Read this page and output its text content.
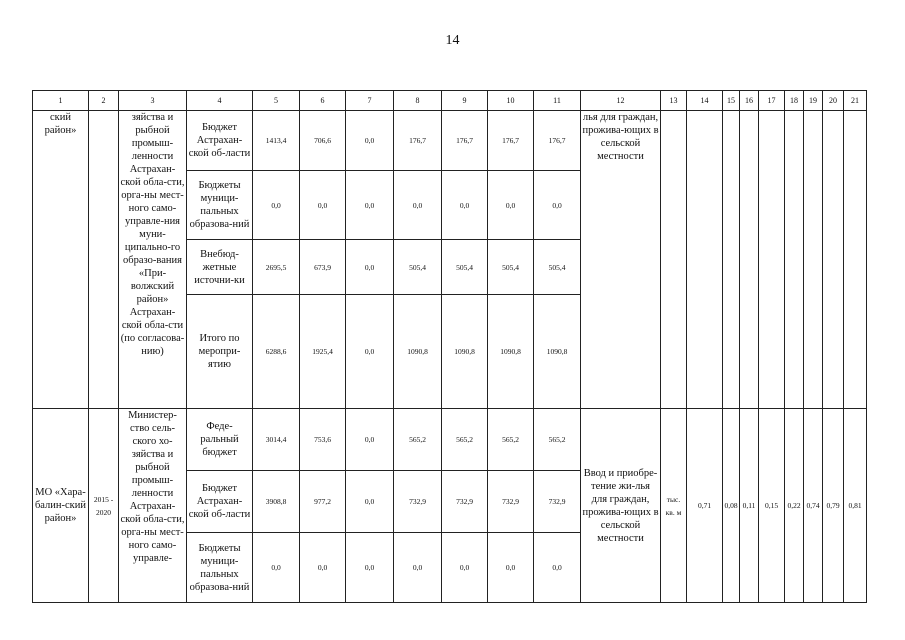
14
1	2	3	4	5	6	7	8	9	10	11	12	13	14	15	16	17	18	19	20	21
ский район»		зяйства и рыбной промыш-ленности Астрахан-ской обла-сти, орга-ны мест-ного само-управле-ния муни-ципально-го образо-вания «При-волжский район» Астрахан-ской обла-сти (по согласова-нию)	Бюджет Астрахан-ской об-ласти	1413,4	706,6	0,0	176,7	176,7	176,7	176,7	лья для граждан, прожива-ющих в сельской местности									
			Бюджеты муници-пальных образова-ний	0,0	0,0	0,0	0,0	0,0	0,0	0,0										
			Внебюд-жетные источни-ки	2695,5	673,9	0,0	505,4	505,4	505,4	505,4										
			Итого по меропри-ятию	6288,6	1925,4	0,0	1090,8	1090,8	1090,8	1090,8										
МО «Хара-балин-ский район»	2015 - 2020	Министер-ство сель-ского хо-зяйства и рыбной промыш-ленности Астрахан-ской обла-сти, орга-ны мест-ного само-управле-	Феде-ральный бюджет	3014,4	753,6	0,0	565,2	565,2	565,2	565,2	Ввод и приобре-тение жи-лья для граждан, прожива-ющих в сельской местности	тыс. кв. м	0,71	0,08	0,11	0,15	0,22	0,74	0,79	0,81
			Бюджет Астрахан-ской об-ласти	3908,8	977,2	0,0	732,9	732,9	732,9	732,9										
			Бюджеты муници-пальных образова-ний	0,0	0,0	0,0	0,0	0,0	0,0	0,0										
